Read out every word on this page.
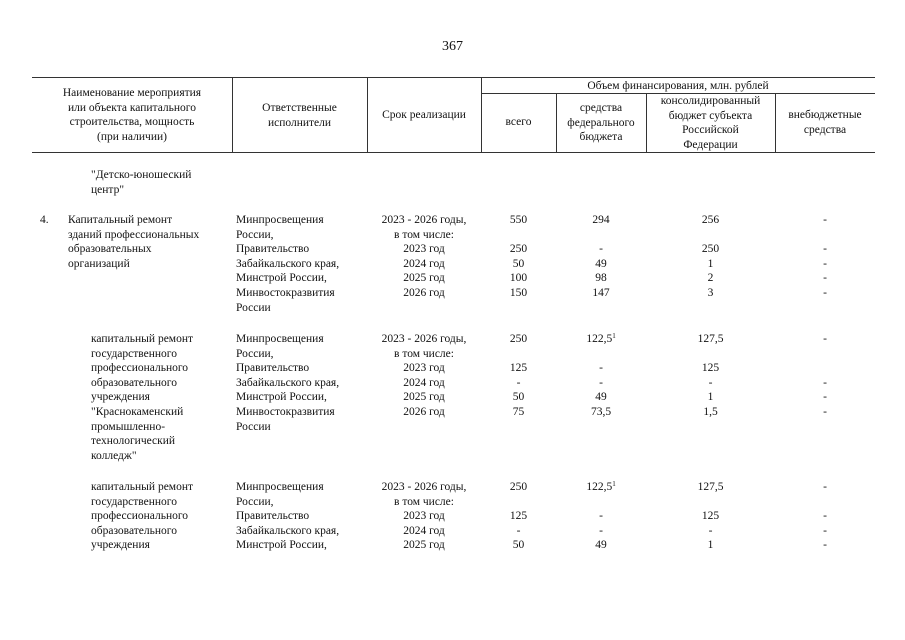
367
Наименование мероприятия
или объекта капитального
строительства, мощность
(при наличии)
Ответственные
исполнители
Срок реализации
Объем финансирования, млн. рублей
всего
средства
федерального
бюджета
консолидированный
бюджет субъекта
Российской
Федерации
внебюджетные
средства
"Детско-юношеский
центр"
4. Капитальный ремонт
зданий профессиональных
образовательных
организаций
Минпросвещения
России,
Правительство
Забайкальского края,
Минстрой России,
Минвостокразвития
России
2023 - 2026 годы,
в том числе:
2023 год
2024 год
2025 год
2026 год
550
250
50
100
150
294
-
49
98
147
256
250
1
2
3
-
-
-
-
-
капитальный ремонт
государственного
профессионального
образовательного
учреждения
"Краснокаменский
промышленно-
технологический
колледж"
Минпросвещения
России,
Правительство
Забайкальского края,
Минстрой России,
Минвостокразвития
России
2023 - 2026 годы,
в том числе:
2023 год
2024 год
2025 год
2026 год
250
125
-
50
75
122,5$^1$
-
-
49
73,5
127,5
125
-
1
1,5
-
-
-
-
капитальный ремонт
государственного
профессионального
образовательного
учреждения
Минпросвещения
России,
Правительство
Забайкальского края,
Минстрой России,
2023 - 2026 годы,
в том числе:
2023 год
2024 год
2025 год
250
125
-
50
122,5$^1$
-
-
49
127,5
125
-
1
-
-
-
-
